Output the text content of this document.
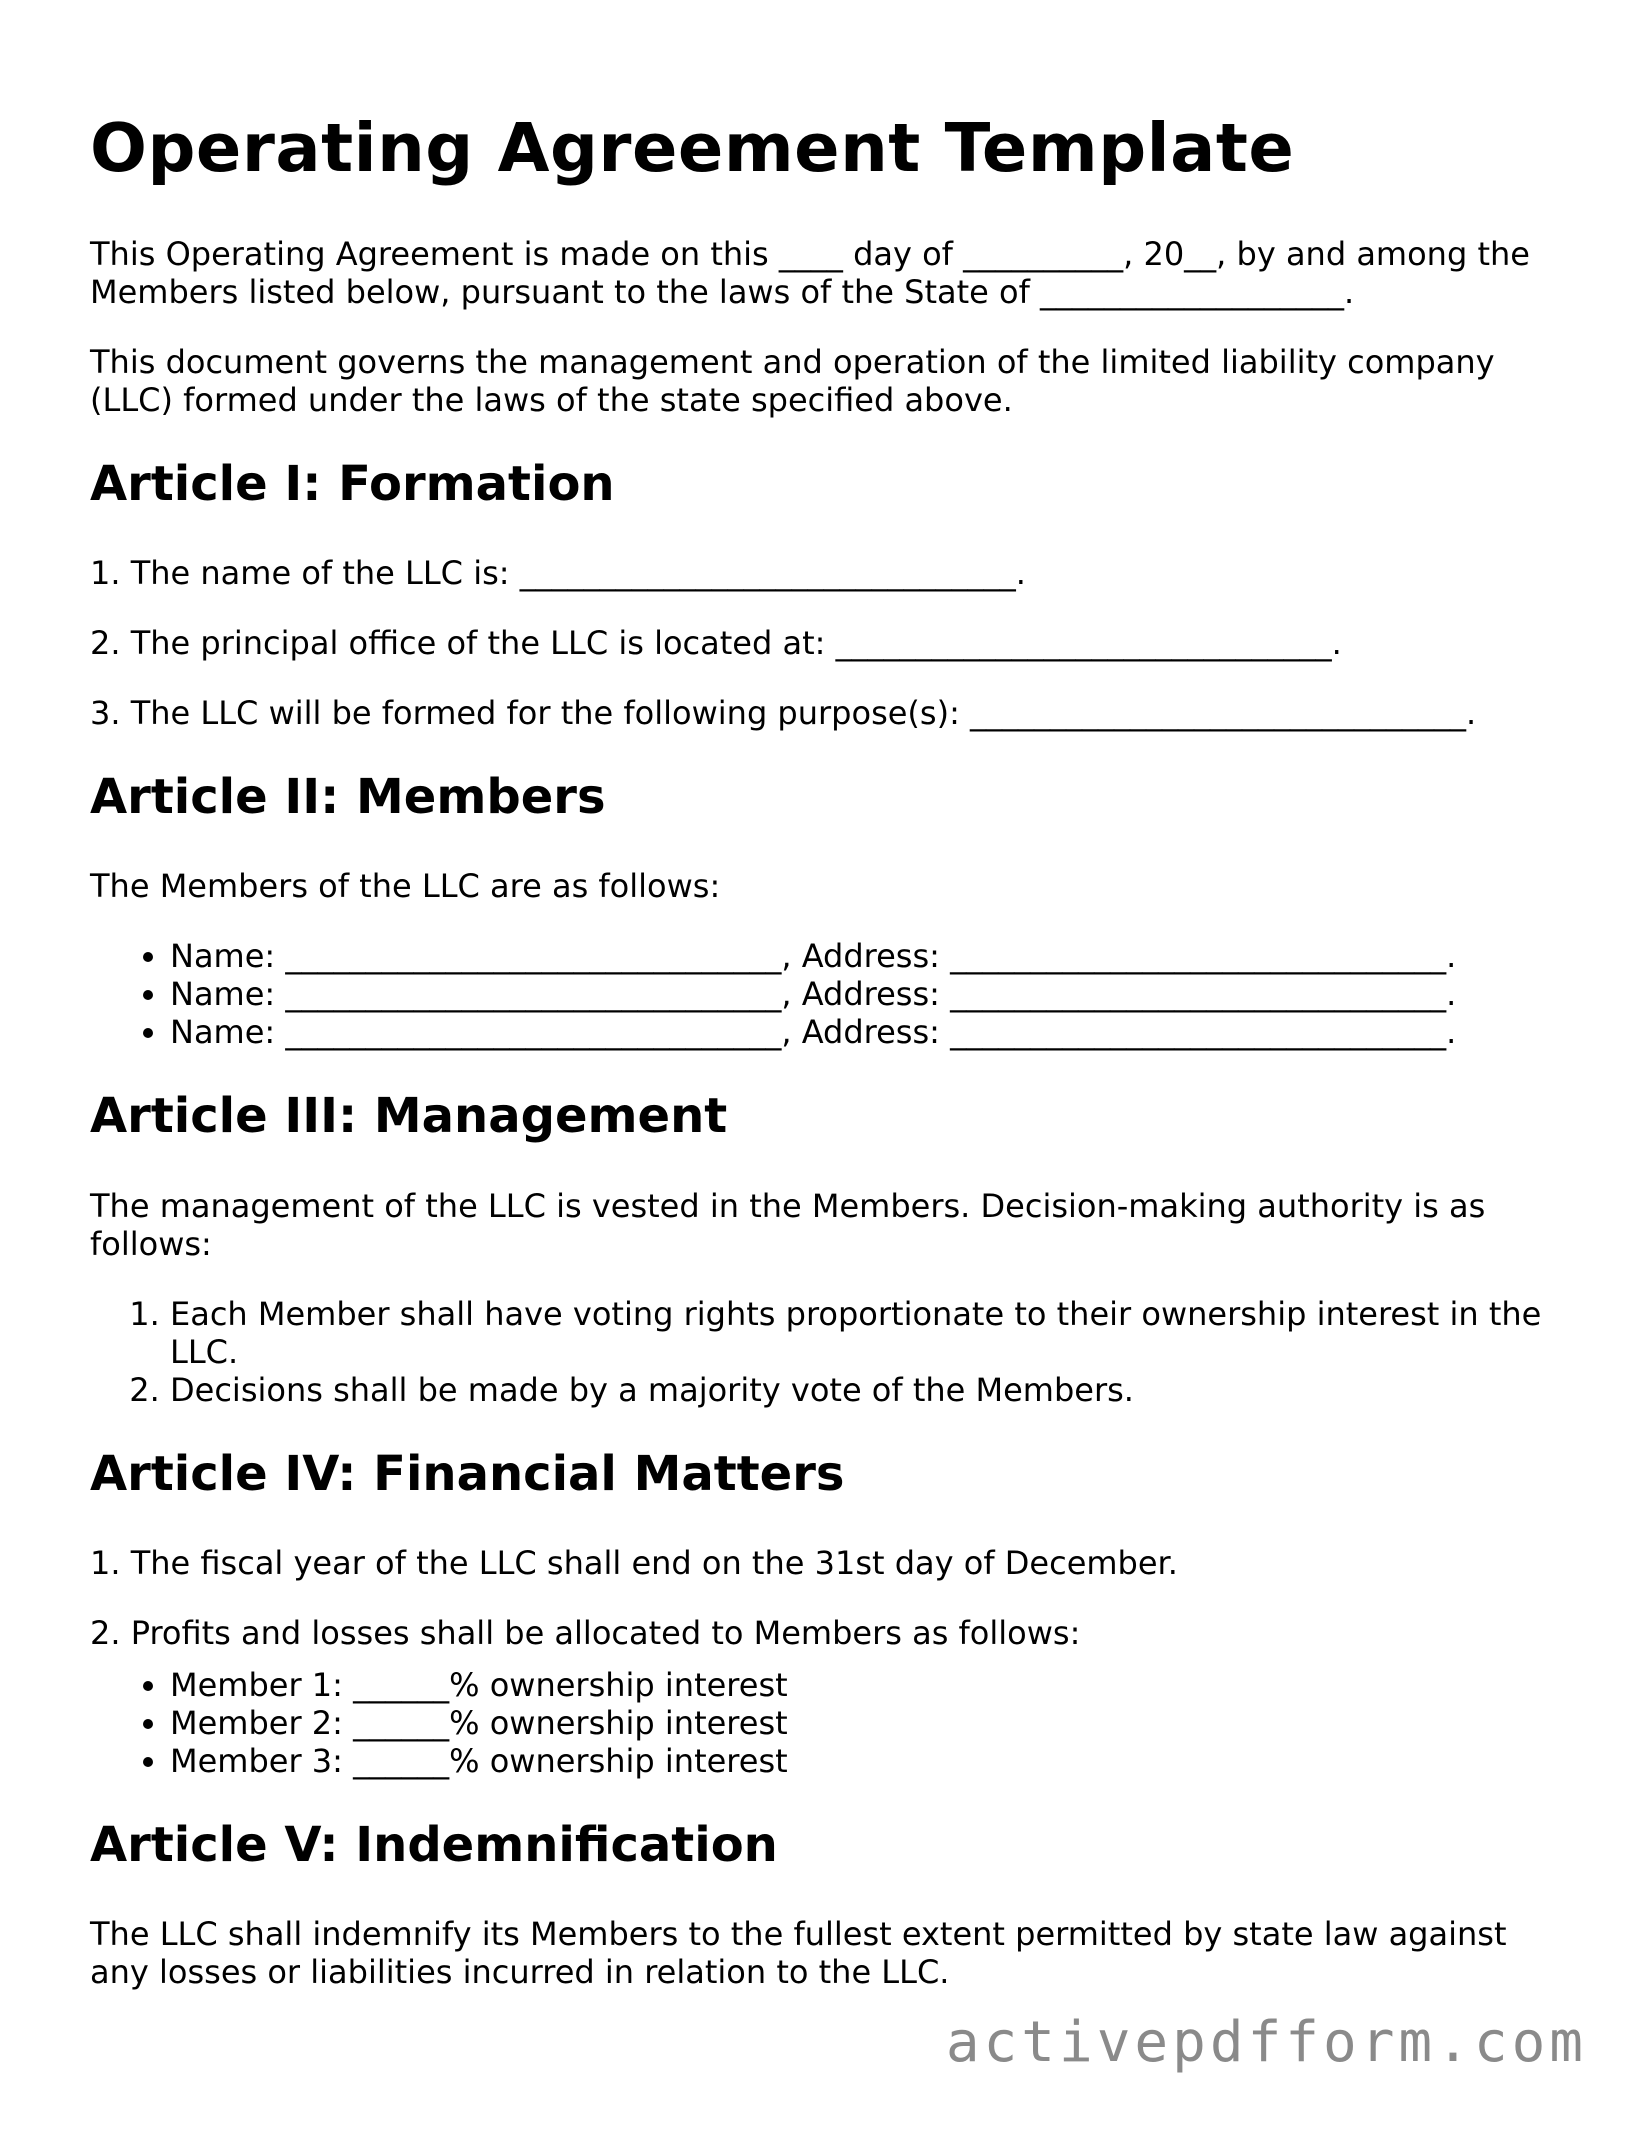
Operating Agreement Template

This Operating Agreement is made on this ____ day of __________, 20__, by and among the Members listed below, pursuant to the laws of the State of ___________________.

This document governs the management and operation of the limited liability company (LLC) formed under the laws of the state specified above.

Article I: Formation

1. The name of the LLC is: _______________________________.

2. The principal office of the LLC is located at: _______________________________.

3. The LLC will be formed for the following purpose(s): _______________________________.

Article II: Members

The Members of the LLC are as follows:

• Name: _______________________________, Address: _______________________________.
• Name: _______________________________, Address: _______________________________.
• Name: _______________________________, Address: _______________________________.
Article III: Management

The management of the LLC is vested in the Members. Decision-making authority is as follows:

1. Each Member shall have voting rights proportionate to their ownership interest in the LLC.
2. Decisions shall be made by a majority vote of the Members.
Article IV: Financial Matters

1. The fiscal year of the LLC shall end on the 31st day of December.

2. Profits and losses shall be allocated to Members as follows:

• Member 1: ______% ownership interest
• Member 2: ______% ownership interest
• Member 3: ______% ownership interest
Article V: Indemnification

The LLC shall indemnify its Members to the fullest extent permitted by state law against any losses or liabilities incurred in relation to the LLC.

activepdfform.com
